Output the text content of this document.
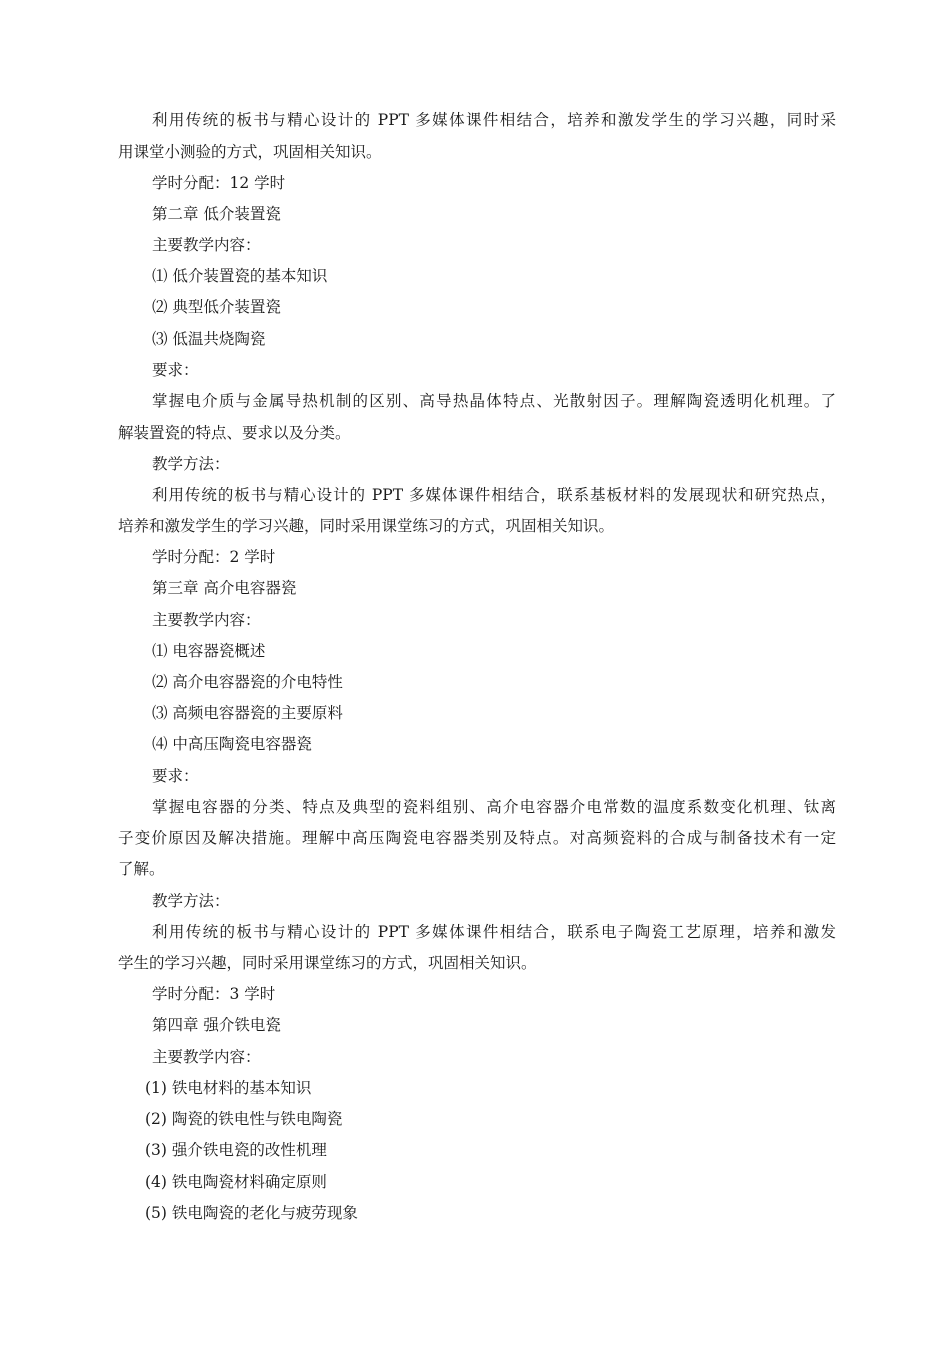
利用传统的板书与精心设计的 PPT 多媒体课件相结合，培养和激发学生的学习兴趣，同时采
用课堂小测验的方式，巩固相关知识。
学时分配：12 学时
第二章 低介装置瓷
主要教学内容：
⑴ 低介装置瓷的基本知识
⑵ 典型低介装置瓷
⑶ 低温共烧陶瓷
要求：
掌握电介质与金属导热机制的区别、高导热晶体特点、光散射因子。理解陶瓷透明化机理。了
解装置瓷的特点、要求以及分类。
教学方法：
利用传统的板书与精心设计的 PPT 多媒体课件相结合，联系基板材料的发展现状和研究热点，
培养和激发学生的学习兴趣，同时采用课堂练习的方式，巩固相关知识。
学时分配：2 学时
第三章 高介电容器瓷
主要教学内容：
⑴ 电容器瓷概述
⑵ 高介电容器瓷的介电特性
⑶ 高频电容器瓷的主要原料
⑷ 中高压陶瓷电容器瓷
要求：
掌握电容器的分类、特点及典型的瓷料组别、高介电容器介电常数的温度系数变化机理、钛离
子变价原因及解决措施。理解中高压陶瓷电容器类别及特点。对高频瓷料的合成与制备技术有一定
了解。
教学方法：
利用传统的板书与精心设计的 PPT 多媒体课件相结合，联系电子陶瓷工艺原理，培养和激发
学生的学习兴趣，同时采用课堂练习的方式，巩固相关知识。
学时分配：3 学时
第四章 强介铁电瓷
主要教学内容：
(1) 铁电材料的基本知识
(2) 陶瓷的铁电性与铁电陶瓷
(3) 强介铁电瓷的改性机理
(4) 铁电陶瓷材料确定原则
(5) 铁电陶瓷的老化与疲劳现象
